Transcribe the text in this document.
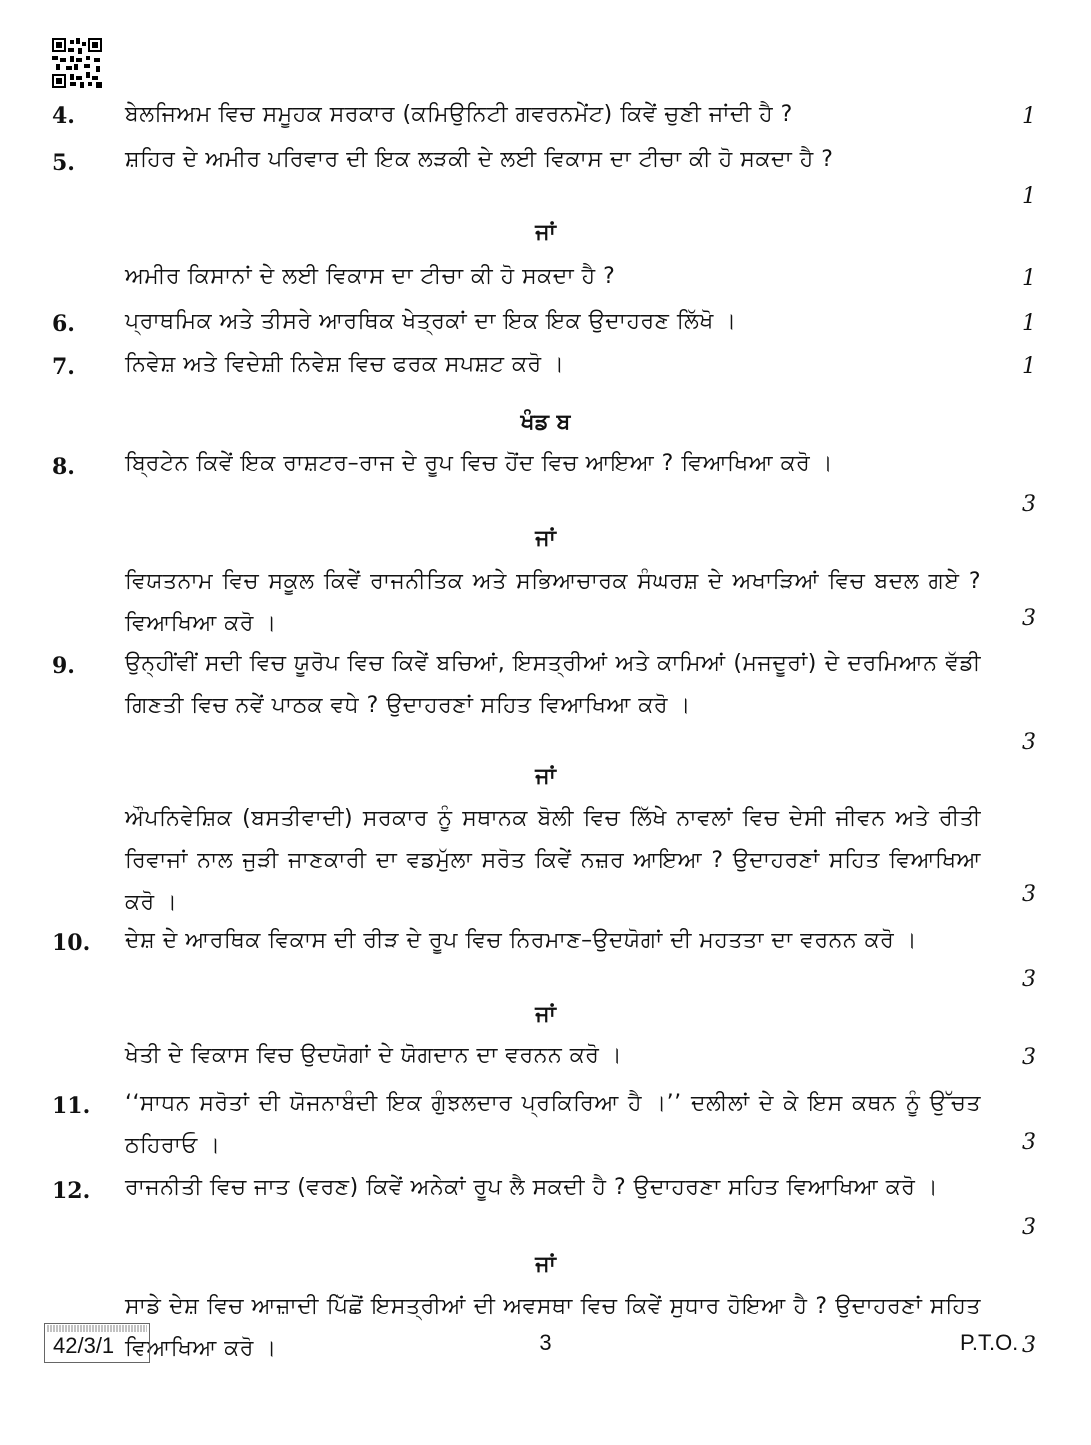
4. ਬੇਲਜਿਅਮ ਵਿਚ ਸਮੂਹਕ ਸਰਕਾਰ (ਕਮਿਉਨਿਟੀ ਗਵਰਨਮੇਂਟ) ਕਿਵੇਂ ਚੁਣੀ ਜਾਂਦੀ ਹੈ ?	1
5. ਸ਼ਹਿਰ ਦੇ ਅਮੀਰ ਪਰਿਵਾਰ ਦੀ ਇਕ ਲੜਕੀ ਦੇ ਲਈ ਵਿਕਾਸ ਦਾ ਟੀਚਾ ਕੀ ਹੋ ਸਕਦਾ ਹੈ ?
1
ਜਾਂ
ਅਮੀਰ ਕਿਸਾਨਾਂ ਦੇ ਲਈ ਵਿਕਾਸ ਦਾ ਟੀਚਾ ਕੀ ਹੋ ਸਕਦਾ ਹੈ ?	1
6. ਪ੍ਰਾਥਮਿਕ ਅਤੇ ਤੀਸਰੇ ਆਰਥਿਕ ਖੇਤ੍ਰਕਾਂ ਦਾ ਇਕ ਇਕ ਉਦਾਹਰਣ ਲਿੱਖੋ ।	1
7. ਨਿਵੇਸ਼ ਅਤੇ ਵਿਦੇਸ਼ੀ ਨਿਵੇਸ਼ ਵਿਚ ਫਰਕ ਸਪਸ਼ਟ ਕਰੋ ।	1
ਖੰਡ ਬ
8. ਬ੍ਰਿਟੇਨ ਕਿਵੇਂ ਇਕ ਰਾਸ਼ਟਰ–ਰਾਜ ਦੇ ਰੂਪ ਵਿਚ ਹੋਂਦ ਵਿਚ ਆਇਆ ? ਵਿਆਖਿਆ ਕਰੋ ।
3
ਜਾਂ
ਵਿਯਤਨਾਮ ਵਿਚ ਸਕੂਲ ਕਿਵੇਂ ਰਾਜਨੀਤਿਕ ਅਤੇ ਸਭਿਆਚਾਰਕ ਸੰਘਰਸ਼ ਦੇ ਅਖਾੜਿਆਂ ਵਿਚ ਬਦਲ ਗਏ ? ਵਿਆਖਿਆ ਕਰੋ ।	3
9. ਉਨ੍ਹੀਂਵੀਂ ਸਦੀ ਵਿਚ ਯੂਰੋਪ ਵਿਚ ਕਿਵੇਂ ਬਚਿਆਂ, ਇਸਤ੍ਰੀਆਂ ਅਤੇ ਕਾਮਿਆਂ (ਮਜਦੂਰਾਂ) ਦੇ ਦਰਮਿਆਨ ਵੱਡੀ ਗਿਣਤੀ ਵਿਚ ਨਵੇਂ ਪਾਠਕ ਵਧੇ ? ਉਦਾਹਰਣਾਂ ਸਹਿਤ ਵਿਆਖਿਆ ਕਰੋ ।
3
ਜਾਂ
ਔਪਨਿਵੇਸ਼ਿਕ (ਬਸਤੀਵਾਦੀ) ਸਰਕਾਰ ਨੂੰ ਸਥਾਨਕ ਬੋਲੀ ਵਿਚ ਲਿੱਖੇ ਨਾਵਲਾਂ ਵਿਚ ਦੇਸੀ ਜੀਵਨ ਅਤੇ ਰੀਤੀ ਰਿਵਾਜਾਂ ਨਾਲ ਜੁੜੀ ਜਾਣਕਾਰੀ ਦਾ ਵਡਮੁੱਲਾ ਸਰੋਤ ਕਿਵੇਂ ਨਜ਼ਰ ਆਇਆ ? ਉਦਾਹਰਣਾਂ ਸਹਿਤ ਵਿਆਖਿਆ ਕਰੋ ।	3
10. ਦੇਸ਼ ਦੇ ਆਰਥਿਕ ਵਿਕਾਸ ਦੀ ਰੀੜ ਦੇ ਰੂਪ ਵਿਚ ਨਿਰਮਾਣ–ਉਦਯੋਗਾਂ ਦੀ ਮਹਤਤਾ ਦਾ ਵਰਨਨ ਕਰੋ ।
3
ਜਾਂ
ਖੇਤੀ ਦੇ ਵਿਕਾਸ ਵਿਚ ਉਦਯੋਗਾਂ ਦੇ ਯੋਗਦਾਨ ਦਾ ਵਰਨਨ ਕਰੋ ।	3
11. ‘‘ਸਾਧਨ ਸਰੋਤਾਂ ਦੀ ਯੋਜਨਾਬੰਦੀ ਇਕ ਗੁੰਝਲਦਾਰ ਪ੍ਰਕਿਰਿਆ ਹੈ ।’’ ਦਲੀਲਾਂ ਦੇ ਕੇ ਇਸ ਕਥਨ ਨੂੰ ਉੱਚਤ ਠਹਿਰਾਓ ।	3
12. ਰਾਜਨੀਤੀ ਵਿਚ ਜਾਤ (ਵਰਣ) ਕਿਵੇਂ ਅਨੇਕਾਂ ਰੂਪ ਲੈ ਸਕਦੀ ਹੈ ? ਉਦਾਹਰਣਾ ਸਹਿਤ ਵਿਆਖਿਆ ਕਰੋ ।
3
ਜਾਂ
ਸਾਡੇ ਦੇਸ਼ ਵਿਚ ਆਜ਼ਾਦੀ ਪਿੱਛੋਂ ਇਸਤ੍ਰੀਆਂ ਦੀ ਅਵਸਥਾ ਵਿਚ ਕਿਵੇਂ ਸੁਧਾਰ ਹੋਇਆ ਹੈ ? ਉਦਾਹਰਣਾਂ ਸਹਿਤ ਵਿਆਖਿਆ ਕਰੋ ।	3
42/3/1	3	P.T.O.
